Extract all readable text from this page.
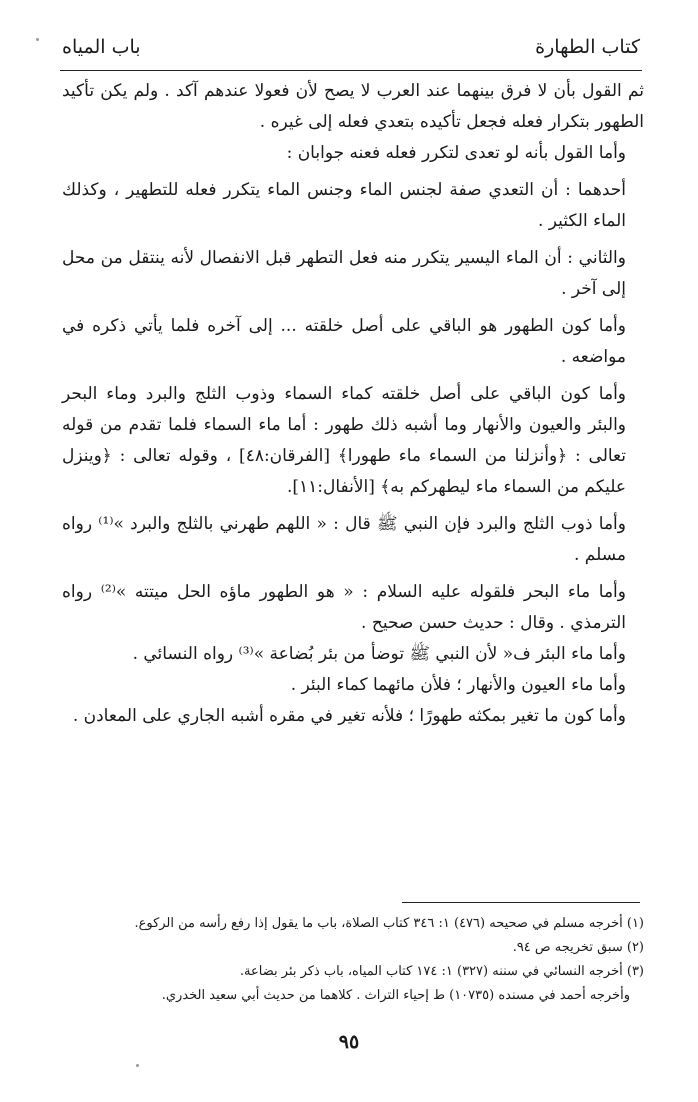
كتاب الطهارة
باب المياه

ثم القول بأن لا فرق بينهما عند العرب لا يصح لأن فعولا عندهم آكد . ولم يكن تأكيد الطهور بتكرار فعله فجعل تأكيده بتعدي فعله إلى غيره .

وأما القول بأنه لو تعدى لتكرر فعله فعنه جوابان :

أحدهما : أن التعدي صفة لجنس الماء وجنس الماء يتكرر فعله للتطهير ، وكذلك الماء الكثير .

والثاني : أن الماء اليسير يتكرر منه فعل التطهر قبل الانفصال لأنه ينتقل من محل إلى آخر .

وأما كون الطهور هو الباقي على أصل خلقته ... إلى آخره فلما يأتي ذكره في مواضعه .

وأما كون الباقي على أصل خلقته كماء السماء وذوب الثلج والبرد وماء البحر والبئر والعيون والأنهار وما أشبه ذلك طهور : أما ماء السماء فلما تقدم من قوله تعالى : ﴿وأنزلنا من السماء ماء طهورا﴾ [الفرقان:٤٨] ، وقوله تعالى : ﴿وينزل عليكم من السماء ماء ليطهركم به﴾ [الأنفال:١١].

وأما ذوب الثلج والبرد فإن النبي ﷺ قال : « اللهم طهرني بالثلج والبرد »⁽¹⁾ رواه مسلم .

وأما ماء البحر فلقوله عليه السلام : « هو الطهور ماؤه الحل ميتته »⁽²⁾ رواه الترمذي . وقال : حديث حسن صحيح .

وأما ماء البئر ف« لأن النبي ﷺ توضأ من بئر بُضاعة »⁽³⁾ رواه النسائي .

وأما ماء العيون والأنهار ؛ فلأن مائهما كماء البئر .

وأما كون ما تغير بمكثه طهورًا ؛ فلأنه تغير في مقره أشبه الجاري على المعادن .

(١) أخرجه مسلم في صحيحه (٤٧٦) ١: ٣٤٦ كتاب الصلاة، باب ما يقول إذا رفع رأسه من الركوع.

(٢) سبق تخريجه ص ٩٤.

(٣) أخرجه النسائي في سننه (٣٢٧) ١: ١٧٤ كتاب المياه، باب ذكر بئر بضاعة.

وأخرجه أحمد في مسنده (١٠٧٣٥) ط إحياء التراث . كلاهما من حديث أبي سعيد الخدري.

٩٥
